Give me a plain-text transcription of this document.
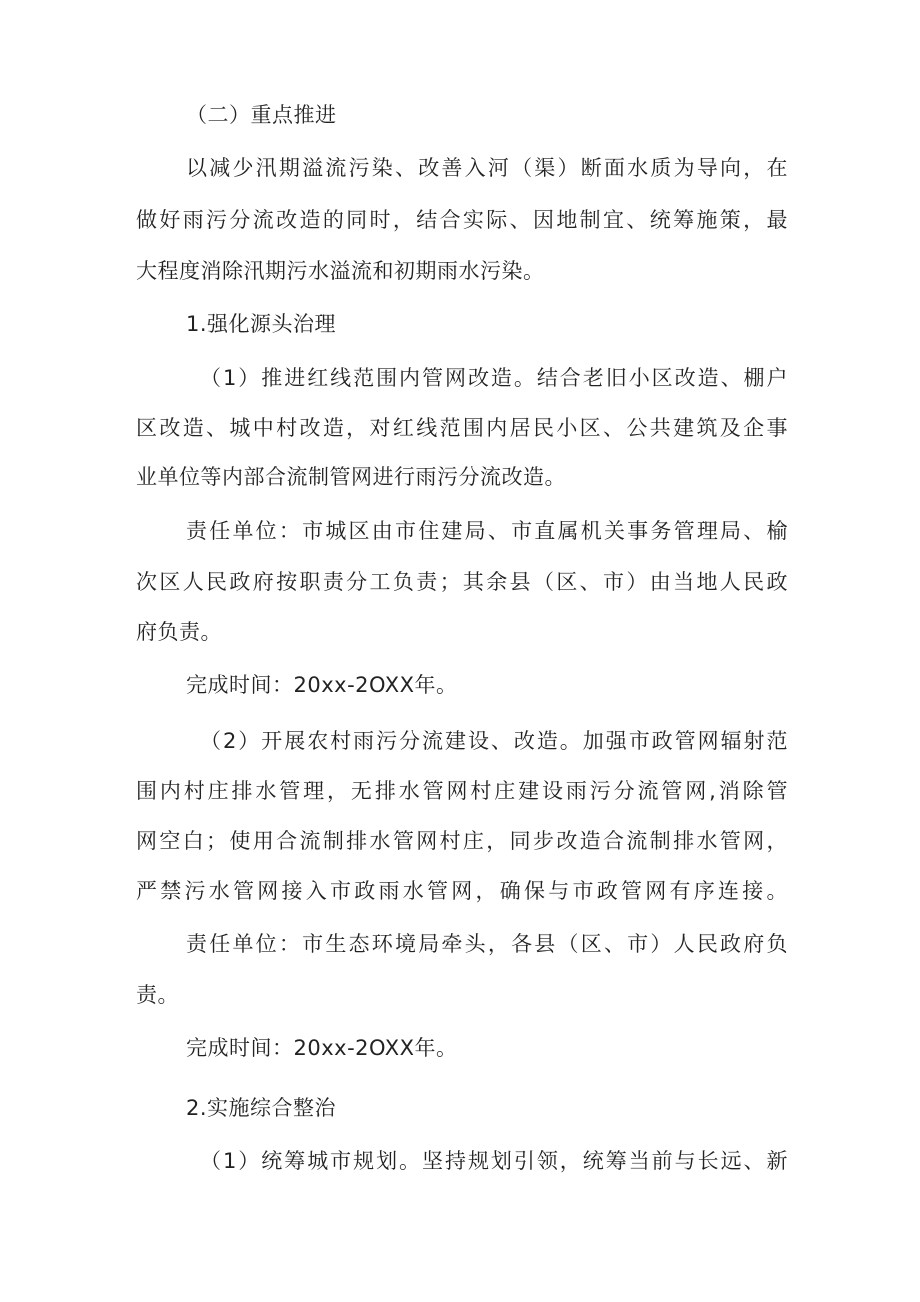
（二）重点推进
以减少汛期溢流污染、改善入河（渠）断面水质为导向，在
做好雨污分流改造的同时，结合实际、因地制宜、统筹施策，最
大程度消除汛期污水溢流和初期雨水污染。
1.强化源头治理
（1）推进红线范围内管网改造。结合老旧小区改造、棚户
区改造、城中村改造，对红线范围内居民小区、公共建筑及企事
业单位等内部合流制管网进行雨污分流改造。
责任单位：市城区由市住建局、市直属机关事务管理局、榆
次区人民政府按职责分工负责；其余县（区、市）由当地人民政
府负责。
完成时间：20xx-2OXX年。
（2）开展农村雨污分流建设、改造。加强市政管网辐射范
围内村庄排水管理，无排水管网村庄建设雨污分流管网,消除管
网空白；使用合流制排水管网村庄，同步改造合流制排水管网，
严禁污水管网接入市政雨水管网，确保与市政管网有序连接。
责任单位：市生态环境局牵头，各县（区、市）人民政府负
责。
完成时间：20xx-2OXX年。
2.实施综合整治
（1）统筹城市规划。坚持规划引领，统筹当前与长远、新
